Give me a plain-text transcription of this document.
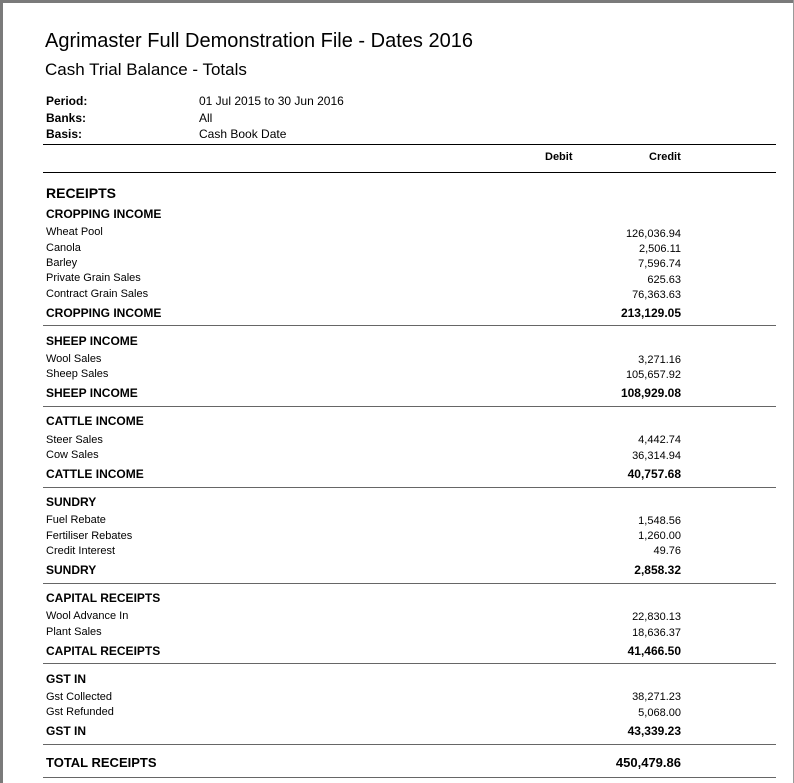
Agrimaster Full Demonstration File - Dates 2016
Cash Trial Balance - Totals
Period:	01 Jul 2015 to 30 Jun 2016
Banks:	All
Basis:	Cash Book Date
Debit	Credit
RECEIPTS
CROPPING INCOME
Wheat Pool	126,036.94
Canola	2,506.11
Barley	7,596.74
Private Grain Sales	625.63
Contract Grain Sales	76,363.63
CROPPING INCOME	213,129.05
SHEEP INCOME
Wool Sales	3,271.16
Sheep Sales	105,657.92
SHEEP INCOME	108,929.08
CATTLE INCOME
Steer Sales	4,442.74
Cow Sales	36,314.94
CATTLE INCOME	40,757.68
SUNDRY
Fuel Rebate	1,548.56
Fertiliser Rebates	1,260.00
Credit Interest	49.76
SUNDRY	2,858.32
CAPITAL RECEIPTS
Wool Advance In	22,830.13
Plant Sales	18,636.37
CAPITAL RECEIPTS	41,466.50
GST IN
Gst Collected	38,271.23
Gst Refunded	5,068.00
GST IN	43,339.23
TOTAL RECEIPTS	450,479.86
